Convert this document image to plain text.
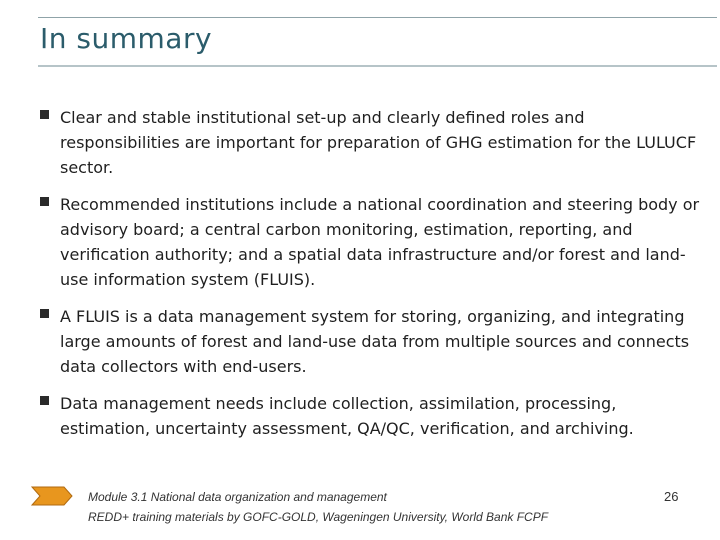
In summary
Clear and stable institutional set-up and clearly defined roles and responsibilities are important for preparation of GHG estimation for the LULUCF sector.
Recommended institutions include a national coordination and steering body or advisory board; a central carbon monitoring, estimation, reporting, and verification authority; and a spatial data infrastructure and/or forest and land-use information system (FLUIS).
A FLUIS is a data management system for storing, organizing, and integrating large amounts of forest and land-use data from multiple sources and connects data collectors with end-users.
Data management needs include collection, assimilation, processing, estimation, uncertainty assessment, QA/QC, verification, and archiving.
Module 3.1 National data organization and management
REDD+ training materials by GOFC-GOLD, Wageningen University, World Bank FCPF
26
